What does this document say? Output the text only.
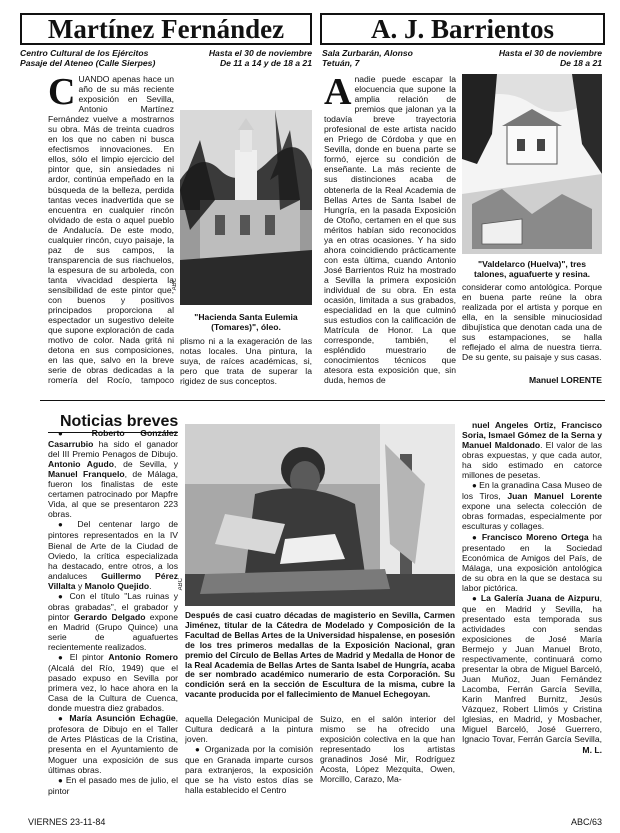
Martínez Fernández
Centro Cultural de los Ejércitos	Hasta el 30 de noviembre
Pasaje del Ateneo (Calle Sierpes)	De 11 a 14 y de 18 a 21
C UANDO apenas hace un año de su más reciente exposición en Sevilla, Antonio Martínez Fernández vuelve a mostrarnos su obra. Más de treinta cuadros en los que no caben ni busca efectismos innovaciones. En ellos, sólo el limpio ejercicio del pintor que, sin ansiedades ni ardor, continúa empeñado en la búsqueda de la belleza, perdida tantas veces inadvertida que se encuentra en cualquier rincón olvidado de esta o aquel pueblo de Andalucía. De este modo, cualquier rincón, cuyo paisaje, la paz de sus campos, la transparencia de sus riachuelos, la espesura de su arboleda, con tanta vivacidad despierta la sensibilidad de este pintor que, con buenos y positivos principados proporciona al espectador un sugestivo deleite que supone exploración de cada motivo de color. Nada gritá ni detona en sus composiciones, en las que, salvo en la breve serie de obras dedicadas a la romería del Rocío, tampoco
ABC
"Hacienda Santa Eulemia (Tomares)", óleo.
plismo ni a la exageración de las notas locales. Una pintura, la suya, de raíces académicas, si, pero que trata de superar la rigidez de sus conceptos.
A. J. Barrientos
Sala Zurbarán, Alonso	Hasta el 30 de noviembre
Tetuán, 7	De 18 a 21
A nadie puede escapar la elocuencia que supone la amplia relación de premios que jalonan ya la todavía breve trayectoria profesional de este artista nacido en Priego de Córdoba y que en Sevilla, donde en buena parte se formó, ejerce su condición de enseñante. La más reciente de sus distinciones acaba de obtenerla de la Real Academia de Bellas Artes de Santa Isabel de Hungría, en la pasada Exposición de Otoño, certamen en el que sus méritos habían sido reconocidos ya en otras ocasiones. Y ha sido ahora coincidiendo prácticamente con esta última, cuando Antonio José Barrientos Ruiz ha mostrado a Sevilla la primera exposición individual de su obra. En esta ocasión, limitada a sus grabados, especialidad en la que culminó sus estudios con la calificación de Matrícula de Honor. La que corresponde, también, el espléndido muestrario de conocimientos técnicos que atesora esta exposición que, sin duda, hemos de
"Valdelarco (Huelva)", tres talones, aguafuerte y resina.
considerar como antológica. Porque en buena parte reúne la obra realizada por el artista y porque en ella, en la sensible minuciosidad dibujística que denotan cada una de sus estampaciones, se halla reflejado el alma de nuestra tierra. De su gente, su paisaje y sus casas.
Manuel LORENTE
Noticias breves

● Roberto González Casarrubio ha sido el ganador del III Premio Penagos de Dibujo. Antonio Agudo, de Sevilla, y Manuel Franquelo, de Málaga, fueron los finalistas de este certamen patrocinado por Mapfre Vida, al que se presentaron 223 obras.

● Del centenar largo de pintores representados en la IV Bienal de Arte de la Ciudad de Oviedo, la crítica especializada ha destacado, entre otros, a los andaluces Guillermo Pérez Villalta y Manolo Quejido.

● Con el título "Las ruinas y obras grabadas", el grabador y pintor Gerardo Delgado expone en Madrid (Grupo Quince) una serie de aguafuertes recientemente realizados.

● El pintor Antonio Romero (Alcalá del Río, 1949) que el pasado expuso en Sevilla por primera vez, lo hace ahora en la Casa de la Cultura de Cuenca, donde muestra diez grabados.

● María Asunción Echagüe, profesora de Dibujo en el Taller de Artes Plásticas de la Cristina, presenta en el Ayuntamiento de Moguer una exposición de sus últimas obras.

● En el pasado mes de julio, el pintor

ABC
Después de casi cuatro décadas de magisterio en Sevilla, Carmen Jiménez, titular de la Cátedra de Modelado y Composición de la Facultad de Bellas Artes de la Universidad hispalense, en posesión de los tres primeros medallas de la Exposición Nacional, gran premio del Círculo de Bellas Artes de Madrid y Medalla de Honor de la Real Academia de Bellas Artes de Santa Isabel de Hungría, acaba de ser nombrado académico numerario de esta Corporación. Su condición será en la sección de Escultura de la misma, cubre la vacante producida por el fallecimiento de Manuel Echegoyan.

aquella Delegación Municipal de Cultura dedicará a la pintura joven.

● Organizada por la comisión que en Granada imparte cursos para extranjeros, la exposición que se ha visto estos días se halla establecido el Centro

Suizo, en el salón interior del mismo se ha ofrecido una exposición colectiva en la que han representado los artistas granadinos José Mir, Rodríguez Acosta, López Mezquita, Owen, Morcillo, Carazo, Ma-

nuel Angeles Ortiz, Francisco Soria, Ismael Gómez de la Serna y Manuel Maldonado. El valor de las obras expuestas, y que cada autor, ha sido estimado en catorce millones de pesetas.

● En la granadina Casa Museo de los Tiros, Juan Manuel Lorente expone una selecta colección de obras formadas, especialmente por esculturas y collages.

● Francisco Moreno Ortega ha presentado en la Sociedad Económica de Amigos del País, de Málaga, una exposición antológica de su obra en la que se destaca su labor pictórica.

● La Galería Juana de Aizpuru, que en Madrid y Sevilla, ha presentado esta temporada sus actividades con sendas exposiciones de José María Bermejo y Juan Manuel Broto, respectivamente, continuará como presentar la obra de Miguel Barceló, Juan Muñoz, Juan Fernández Lacomba, Ferrán García Sevilla, Karin Manfred Burnitz, Jesús Vázquez, Robert Llimós y Cristina Iglesias, en Madrid, y Mosbacher, Miguel Barceló, José Guerrero, Ignacio Tovar, Ferrán García Sevilla,

M. L.
VIERNES 23-11-84	ABC/63
